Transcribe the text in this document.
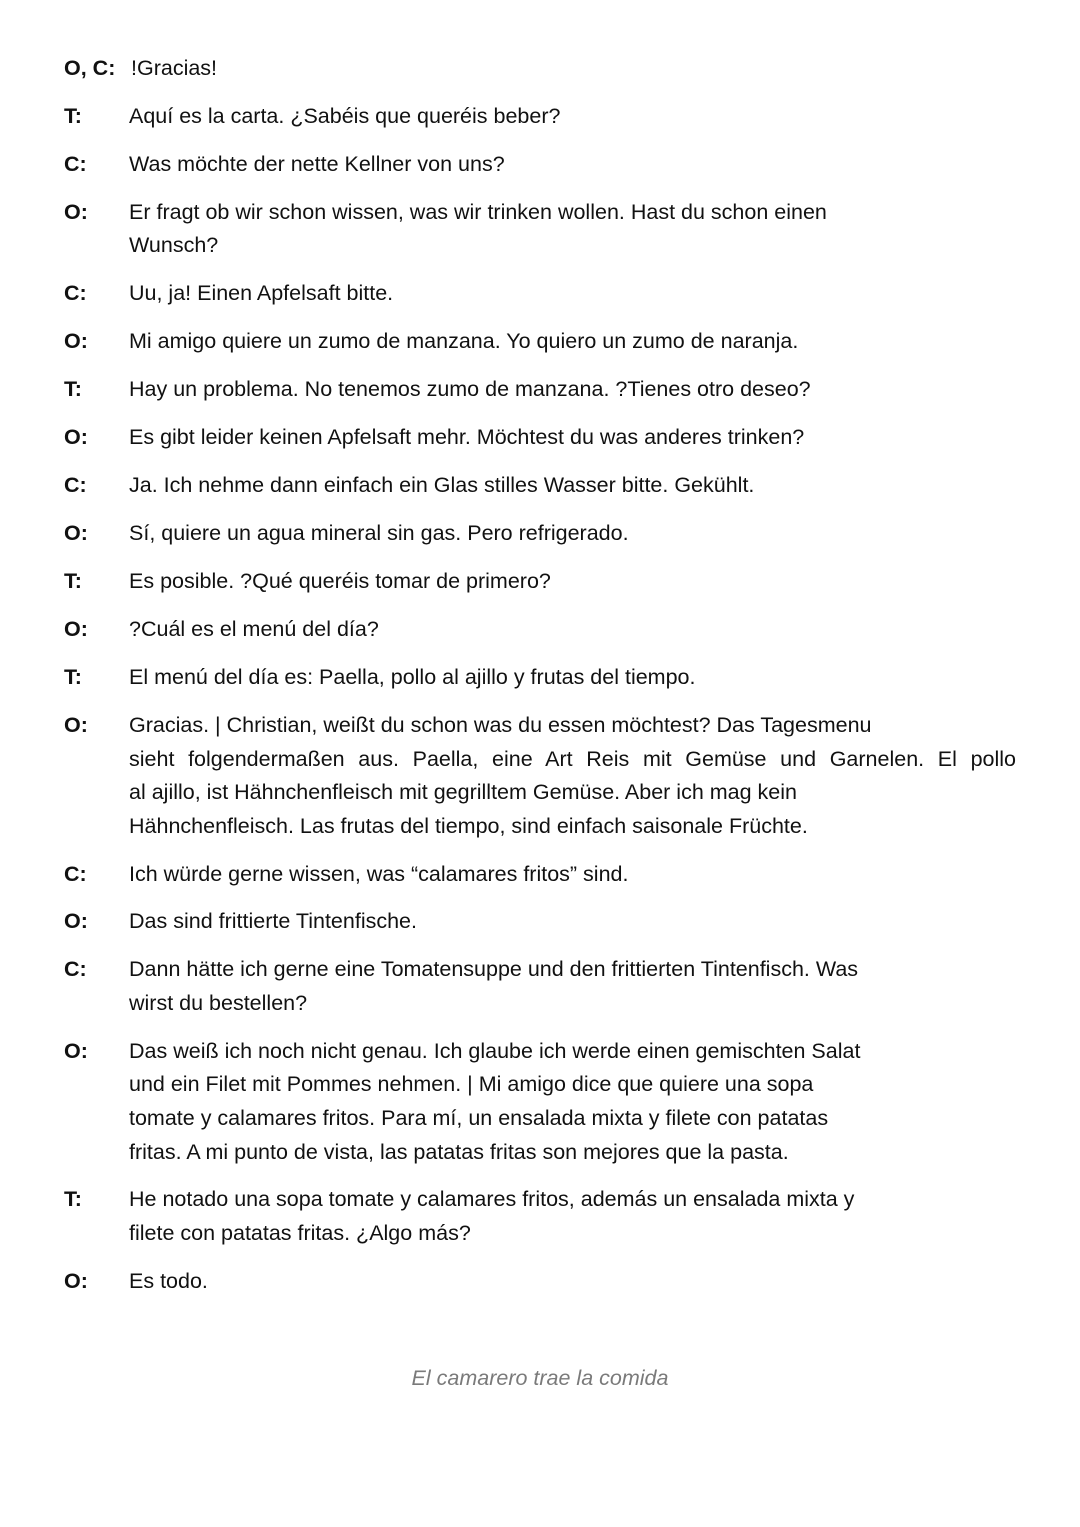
O, C: !Gracias!
T: Aquí es la carta. ¿Sabéis que queréis beber?
C: Was möchte der nette Kellner von uns?
O: Er fragt ob wir schon wissen, was wir trinken wollen. Hast du schon einen
Wunsch?
C: Uu, ja! Einen Apfelsaft bitte.
O: Mi amigo quiere un zumo de manzana. Yo quiero un zumo de naranja.
T: Hay un problema. No tenemos zumo de manzana. ?Tienes otro deseo?
O: Es gibt leider keinen Apfelsaft mehr. Möchtest du was anderes trinken?
C: Ja. Ich nehme dann einfach ein Glas stilles Wasser bitte. Gekühlt.
O: Sí, quiere un agua mineral sin gas. Pero refrigerado.
T: Es posible. ?Qué queréis tomar de primero?
O: ?Cuál es el menú del día?
T: El menú del día es: Paella, pollo al ajillo y frutas del tiempo.
O: Gracias. | Christian, weißt du schon was du essen möchtest? Das Tagesmenu
sieht folgendermaßen aus. Paella, eine Art Reis mit Gemüse und Garnelen. El pollo
al ajillo, ist Hähnchenfleisch mit gegrilltem Gemüse. Aber ich mag kein
Hähnchenfleisch. Las frutas del tiempo, sind einfach saisonale Früchte.
C: Ich würde gerne wissen, was “calamares fritos” sind.
O: Das sind frittierte Tintenfische.
C: Dann hätte ich gerne eine Tomatensuppe und den frittierten Tintenfisch. Was
wirst du bestellen?
O: Das weiß ich noch nicht genau. Ich glaube ich werde einen gemischten Salat
und ein Filet mit Pommes nehmen. | Mi amigo dice que quiere una sopa
tomate y calamares fritos. Para mí, un ensalada mixta y filete con patatas
fritas. A mi punto de vista, las patatas fritas son mejores que la pasta.
T: He notado una sopa tomate y calamares fritos, además un ensalada mixta y
filete con patatas fritas. ¿Algo más?
O: Es todo.
El camarero trae la comida
